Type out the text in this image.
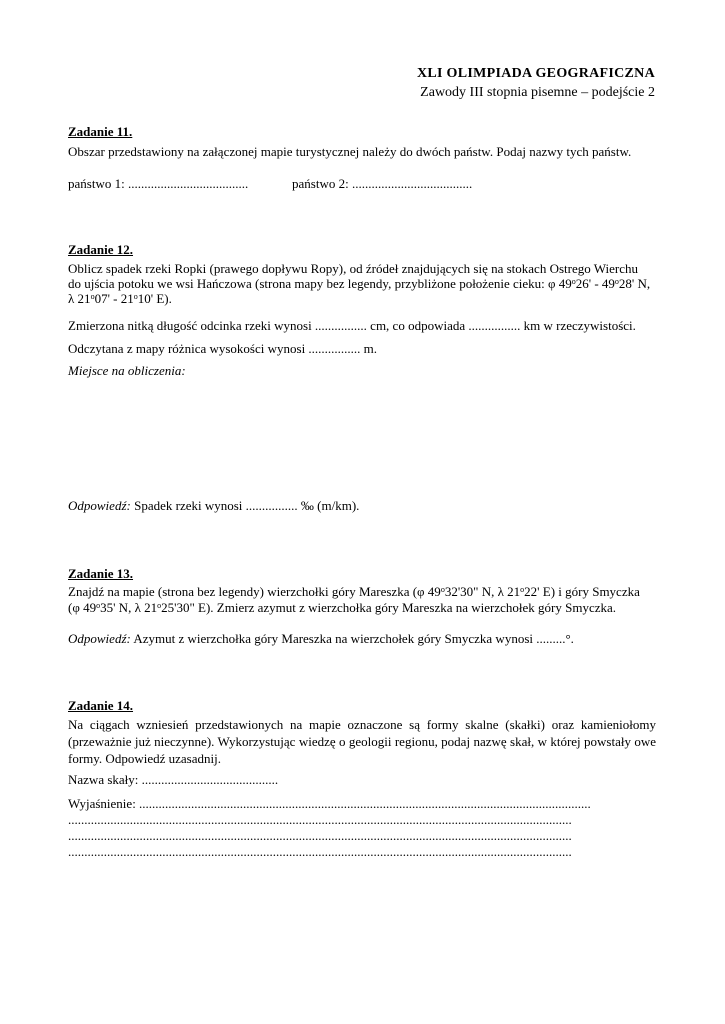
XLI OLIMPIADA GEOGRAFICZNA
Zawody III stopnia pisemne – podejście 2
Zadanie 11.
Obszar przedstawiony na załączonej mapie turystycznej należy do dwóch państw. Podaj nazwy tych państw.
państwo 1: .....................................	państwo 2: .....................................
Zadanie 12.
Oblicz spadek rzeki Ropki (prawego dopływu Ropy), od źródeł znajdujących się na stokach Ostrego Wierchu
do ujścia potoku we wsi Hańczowa (strona mapy bez legendy, przybliżone położenie cieku: φ 49$^o$26' - 49$^o$28' N,
λ 21$^o$07' - 21$^o$10' E).
Zmierzona nitką długość odcinka rzeki wynosi ................ cm, co odpowiada ................ km w rzeczywistości.
Odczytana z mapy różnica wysokości wynosi ................ m.
Miejsce na obliczenia:
Odpowiedź: Spadek rzeki wynosi ................ ‰ (m/km).
Zadanie 13.
Znajdź na mapie (strona bez legendy) wierzchołki góry Mareszka (φ 49$^o$32'30" N, λ 21$^o$22' E) i góry Smyczka
(φ 49$^o$35' N, λ 21$^o$25'30" E). Zmierz azymut z wierzchołka góry Mareszka na wierzchołek góry Smyczka.
Odpowiedź: Azymut z wierzchołka góry Mareszka na wierzchołek góry Smyczka wynosi .........°.
Zadanie 14.
Na ciągach wzniesień przedstawionych na mapie oznaczone są formy skalne (skałki) oraz kamieniołomy (przeważnie już nieczynne). Wykorzystując wiedzę o geologii regionu, podaj nazwę skał, w której powstały owe formy. Odpowiedź uzasadnij.
Nazwa skały: ..........................................
Wyjaśnienie: ...........................................................................................................................................
...........................................................................................................................................................
...........................................................................................................................................................
...........................................................................................................................................................
